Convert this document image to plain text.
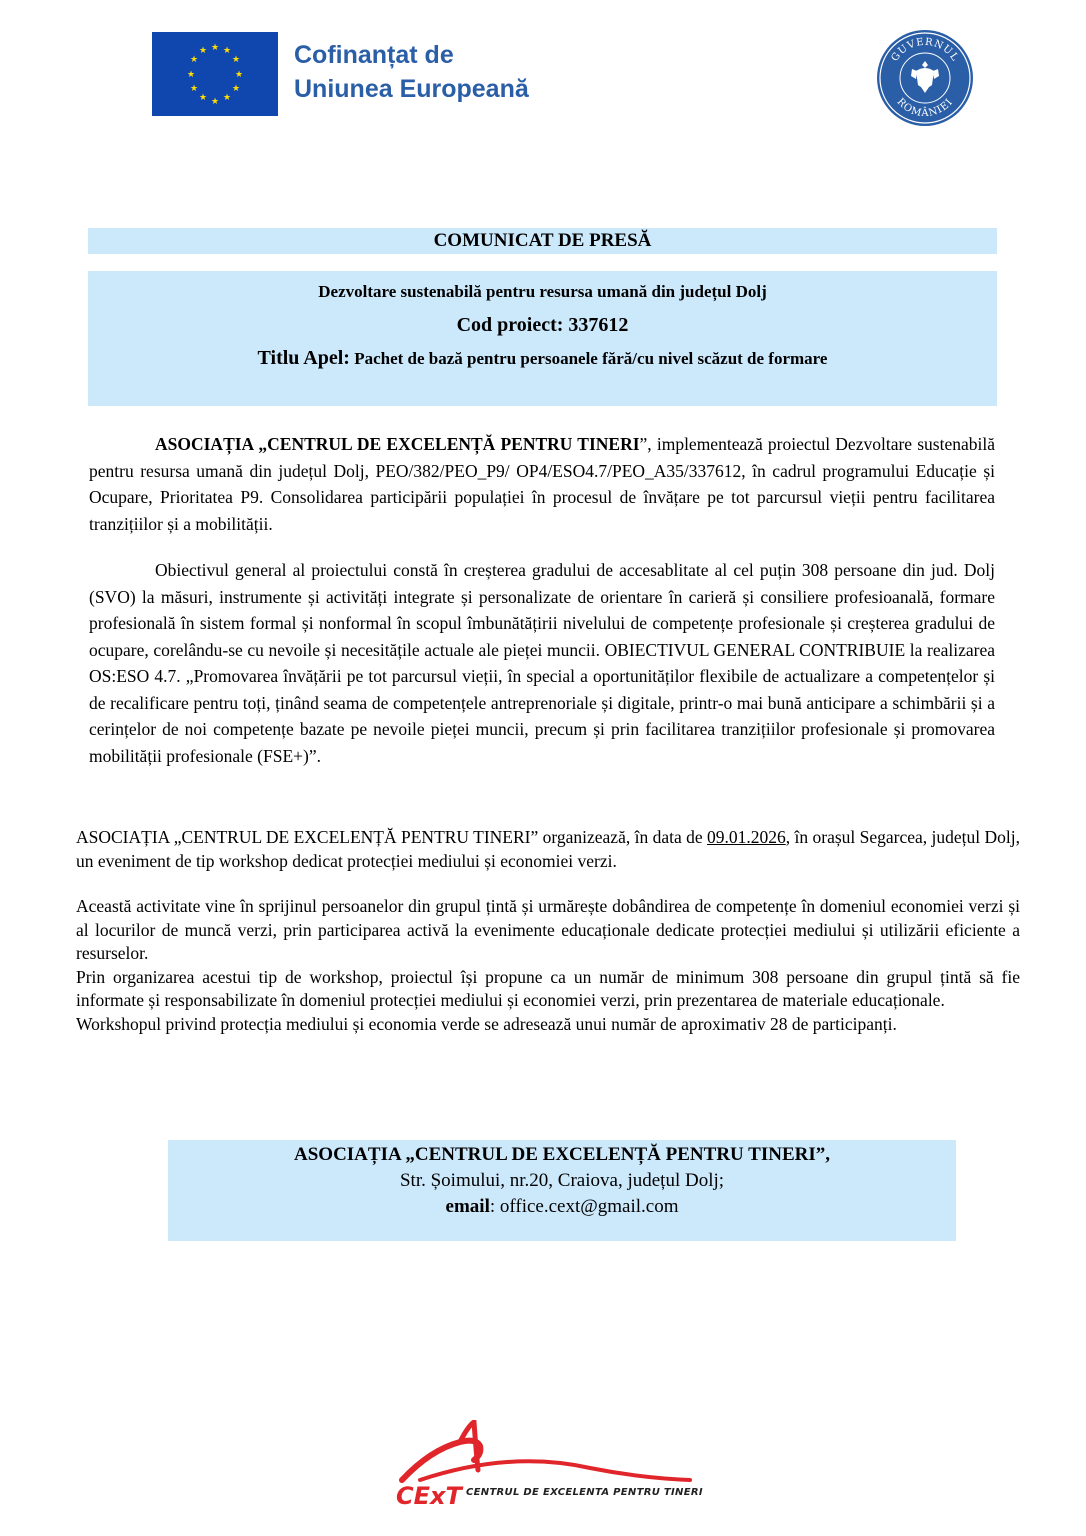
★ ★
★
★
★
★
★
★
★
★
★
★	Cofinanțat de
Uniunea Europeană
GUVERNUL
ROMÂNIEI
COMUNICAT DE PRESĂ
Dezvoltare sustenabilă pentru resursa umană din județul Dolj
Cod proiect: 337612
Titlu Apel: Pachet de bază pentru persoanele fără/cu nivel scăzut de formare
ASOCIAȚIA „CENTRUL DE EXCELENȚĂ PENTRU TINERI”, implementează proiectul Dezvoltare sustenabilă pentru resursa umană din județul Dolj, PEO/382/PEO_P9/ OP4/ESO4.7/PEO_A35/337612, în cadrul programului Educație și Ocupare, Prioritatea P9. Consolidarea participării populației în procesul de învățare pe tot parcursul vieții pentru facilitarea tranzițiilor și a mobilității.
Obiectivul general al proiectului constă în creșterea gradului de accesablitate al cel puțin 308 persoane din jud. Dolj (SVO) la măsuri, instrumente și activități integrate și personalizate de orientare în carieră și consiliere profesioanală, formare profesională în sistem formal și nonformal în scopul îmbunătățirii nivelului de competențe profesionale și creșterea gradului de ocupare, corelându-se cu nevoile și necesitățile actuale ale pieței muncii. OBIECTIVUL GENERAL CONTRIBUIE la realizarea OS:ESO 4.7. „Promovarea învățării pe tot parcursul vieții, în special a oportunităților flexibile de actualizare a competențelor și de recalificare pentru toți, ținând seama de competențele antreprenoriale și digitale, printr-o mai bună anticipare a schimbării și a cerințelor de noi competențe bazate pe nevoile pieței muncii, precum și prin facilitarea tranzițiilor profesionale și promovarea mobilității profesionale (FSE+)”.
ASOCIAȚIA „CENTRUL DE EXCELENȚĂ PENTRU TINERI” organizează, în data de 09.01.2026, în orașul Segarcea, județul Dolj, un eveniment de tip workshop dedicat protecției mediului și economiei verzi.
Această activitate vine în sprijinul persoanelor din grupul țintă și urmărește dobândirea de competențe în domeniul economiei verzi și al locurilor de muncă verzi, prin participarea activă la evenimente educaționale dedicate protecției mediului și utilizării eficiente a resurselor.
Prin organizarea acestui tip de workshop, proiectul își propune ca un număr de minimum 308 persoane din grupul țintă să fie informate și responsabilizate în domeniul protecției mediului și economiei verzi, prin prezentarea de materiale educaționale.
Workshopul privind protecția mediului și economia verde se adresează unui număr de aproximativ 28 de participanți.
ASOCIAȚIA „CENTRUL DE EXCELENȚĂ PENTRU TINERI”,
Str. Șoimului, nr.20, Craiova, județul Dolj;
email: office.cext@gmail.com
CExT CENTRUL DE EXCELENTA PENTRU TINERI
